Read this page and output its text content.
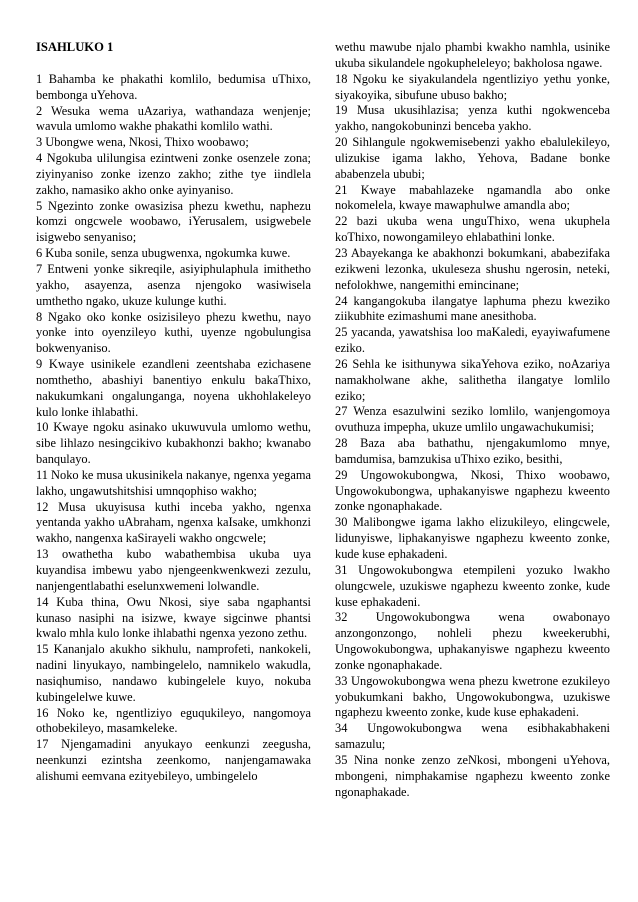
ISAHLUKO 1

1 Bahamba ke phakathi komlilo, bedumisa uThixo, bembonga uYehova.

2 Wesuka wema uAzariya, wathandaza wenjenje; wavula umlomo wakhe phakathi komlilo wathi.

3 Ubongwe wena, Nkosi, Thixo woobawo;

4 Ngokuba ulilungisa ezintweni zonke osenzele zona; ziyinyaniso zonke izenzo zakho; zithe tye iindlela zakho, namasiko akho onke ayinyaniso.

5 Ngezinto zonke owasizisa phezu kwethu, naphezu komzi ongcwele woobawo, iYerusalem, usigwebele isigwebo senyaniso;

6 Kuba sonile, senza ubugwenxa, ngokumka kuwe.

7 Entweni yonke sikreqile, asiyiphulaphula imithetho yakho, asayenza, asenza njengoko wasiwisela umthetho ngako, ukuze kulunge kuthi.

8 Ngako oko konke osizisileyo phezu kwethu, nayo yonke into oyenzileyo kuthi, uyenze ngobulungisa bokwenyaniso.

9 Kwaye usinikele ezandleni zeentshaba ezichasene nomthetho, abashiyi banentiyo enkulu bakaThixo, nakukumkani ongalunganga, noyena ukhohlakeleyo kulo lonke ihlabathi.

10 Kwaye ngoku asinako ukuwuvula umlomo wethu, sibe lihlazo nesingcikivo kubakhonzi bakho; kwanabo banqulayo.

11 Noko ke musa ukusinikela nakanye, ngenxa yegama lakho, ungawutshitshisi umnqophiso wakho;

12 Musa ukuyisusa kuthi inceba yakho, ngenxa yentanda yakho uAbraham, ngenxa kaIsake, umkhonzi wakho, nangenxa kaSirayeli wakho ongcwele;

13 owathetha kubo wabathembisa ukuba uya kuyandisa imbewu yabo njengeenkwenkwezi zezulu, nanjengentlabathi eselunxwemeni lolwandle.

14 Kuba thina, Owu Nkosi, siye saba ngaphantsi kunaso nasiphi na isizwe, kwaye sigcinwe phantsi kwalo mhla kulo lonke ihlabathi ngenxa yezono zethu.

15 Kananjalo akukho sikhulu, namprofeti, nankokeli, nadini linyukayo, nambingelelo, namnikelo wakudla, nasiqhumiso, nandawo kubingelele kuyo, nokuba kubingelelwe kuwe.

16 Noko ke, ngentliziyo eguqukileyo, nangomoya othobekileyo, masamkeleke.

17 Njengamadini anyukayo eenkunzi zeegusha, neenkunzi ezintsha zeenkomo, nanjengamawaka alishumi eemvana ezityebileyo, umbingelelo

wethu mawube njalo phambi kwakho namhla, usinike ukuba sikulandele ngokupheleleyo; bakholosa ngawe.

18 Ngoku ke siyakulandela ngentliziyo yethu yonke, siyakoyika, sibufune ubuso bakho;

19 Musa ukusihlazisa; yenza kuthi ngokwenceba yakho, nangokobuninzi benceba yakho.

20 Sihlangule ngokwemisebenzi yakho ebalulekileyo, ulizukise igama lakho, Yehova, Badane bonke ababenzela ububi;

21 Kwaye mabahlazeke ngamandla abo onke nokomelela, kwaye mawaphulwe amandla abo;

22 bazi ukuba wena unguThixo, wena ukuphela koThixo, nowongamileyo ehlabathini lonke.

23 Abayekanga ke abakhonzi bokumkani, ababezifaka ezikweni lezonka, ukuleseza shushu ngerosin, neteki, nefolokhwe, nangemithi emincinane;

24 kangangokuba ilangatye laphuma phezu kweziko ziikubhite ezimashumi mane anesithoba.

25 yacanda, yawatshisa loo maKaledi, eyayiwafumene eziko.

26 Sehla ke isithunywa sikaYehova eziko, noAzariya namakholwane akhe, salithetha ilangatye lomlilo eziko;

27 Wenza esazulwini seziko lomlilo, wanjengomoya ovuthuza impepha, ukuze umlilo ungawachukumisi;

28 Baza aba bathathu, njengakumlomo mnye, bamdumisa, bamzukisa uThixo eziko, besithi,

29 Ungowokubongwa, Nkosi, Thixo woobawo, Ungowokubongwa, uphakanyiswe ngaphezu kweento zonke ngonaphakade.

30 Malibongwe igama lakho elizukileyo, elingcwele, lidunyiswe, liphakanyiswe ngaphezu kweento zonke, kude kuse ephakadeni.

31 Ungowokubongwa etempileni yozuko lwakho olungcwele, uzukiswe ngaphezu kweento zonke, kude kuse ephakadeni.

32 Ungowokubongwa wena owabonayo anzongonzongo, nohleli phezu kweekerubhi, Ungowokubongwa, uphakanyiswe ngaphezu kweento zonke ngonaphakade.

33 Ungowokubongwa wena phezu kwetrone ezukileyo yobukumkani bakho, Ungowokubongwa, uzukiswe ngaphezu kweento zonke, kude kuse ephakadeni.

34 Ungowokubongwa wena esibhakabhakeni samazulu;

35 Nina nonke zenzo zeNkosi, mbongeni uYehova, mbongeni, nimphakamise ngaphezu kweento zonke ngonaphakade.
